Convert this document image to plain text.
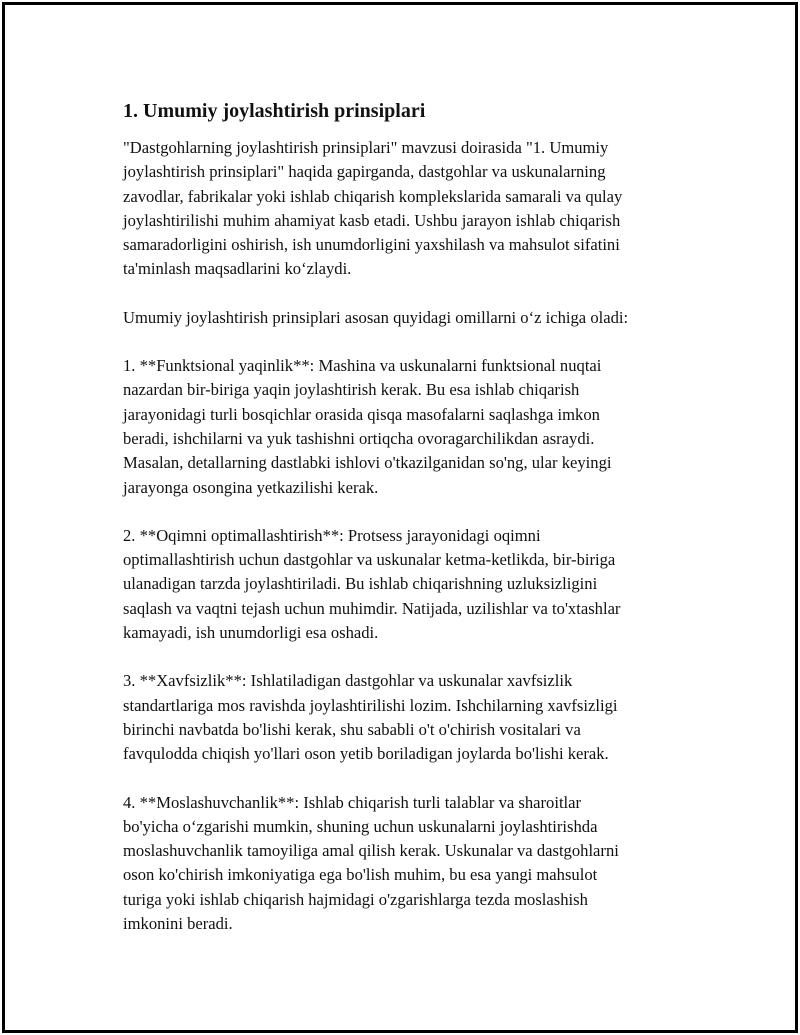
1. Umumiy joylashtirish prinsiplari

"Dastgohlarning joylashtirish prinsiplari" mavzusi doirasida "1. Umumiy
joylashtirish prinsiplari" haqida gapirganda, dastgohlar va uskunalarning
zavodlar, fabrikalar yoki ishlab chiqarish komplekslarida samarali va qulay
joylashtirilishi muhim ahamiyat kasb etadi. Ushbu jarayon ishlab chiqarish
samaradorligini oshirish, ish unumdorligini yaxshilash va mahsulot sifatini
ta'minlash maqsadlarini ko‘zlaydi.

Umumiy joylashtirish prinsiplari asosan quyidagi omillarni o‘z ichiga oladi:

1. **Funktsional yaqinlik**: Mashina va uskunalarni funktsional nuqtai
nazardan bir-biriga yaqin joylashtirish kerak. Bu esa ishlab chiqarish
jarayonidagi turli bosqichlar orasida qisqa masofalarni saqlashga imkon
beradi, ishchilarni va yuk tashishni ortiqcha ovoragarchilikdan asraydi.
Masalan, detallarning dastlabki ishlovi o'tkazilganidan so'ng, ular keyingi
jarayonga osongina yetkazilishi kerak.

2. **Oqimni optimallashtirish**: Protsess jarayonidagi oqimni
optimallashtirish uchun dastgohlar va uskunalar ketma-ketlikda, bir-biriga
ulanadigan tarzda joylashtiriladi. Bu ishlab chiqarishning uzluksizligini
saqlash va vaqtni tejash uchun muhimdir. Natijada, uzilishlar va to'xtashlar
kamayadi, ish unumdorligi esa oshadi.

3. **Xavfsizlik**: Ishlatiladigan dastgohlar va uskunalar xavfsizlik
standartlariga mos ravishda joylashtirilishi lozim. Ishchilarning xavfsizligi
birinchi navbatda bo'lishi kerak, shu sababli o't o'chirish vositalari va
favqulodda chiqish yo'llari oson yetib boriladigan joylarda bo'lishi kerak.

4. **Moslashuvchanlik**: Ishlab chiqarish turli talablar va sharoitlar
bo'yicha o‘zgarishi mumkin, shuning uchun uskunalarni joylashtirishda
moslashuvchanlik tamoyiliga amal qilish kerak. Uskunalar va dastgohlarni
oson ko'chirish imkoniyatiga ega bo'lish muhim, bu esa yangi mahsulot
turiga yoki ishlab chiqarish hajmidagi o'zgarishlarga tezda moslashish
imkonini beradi.
